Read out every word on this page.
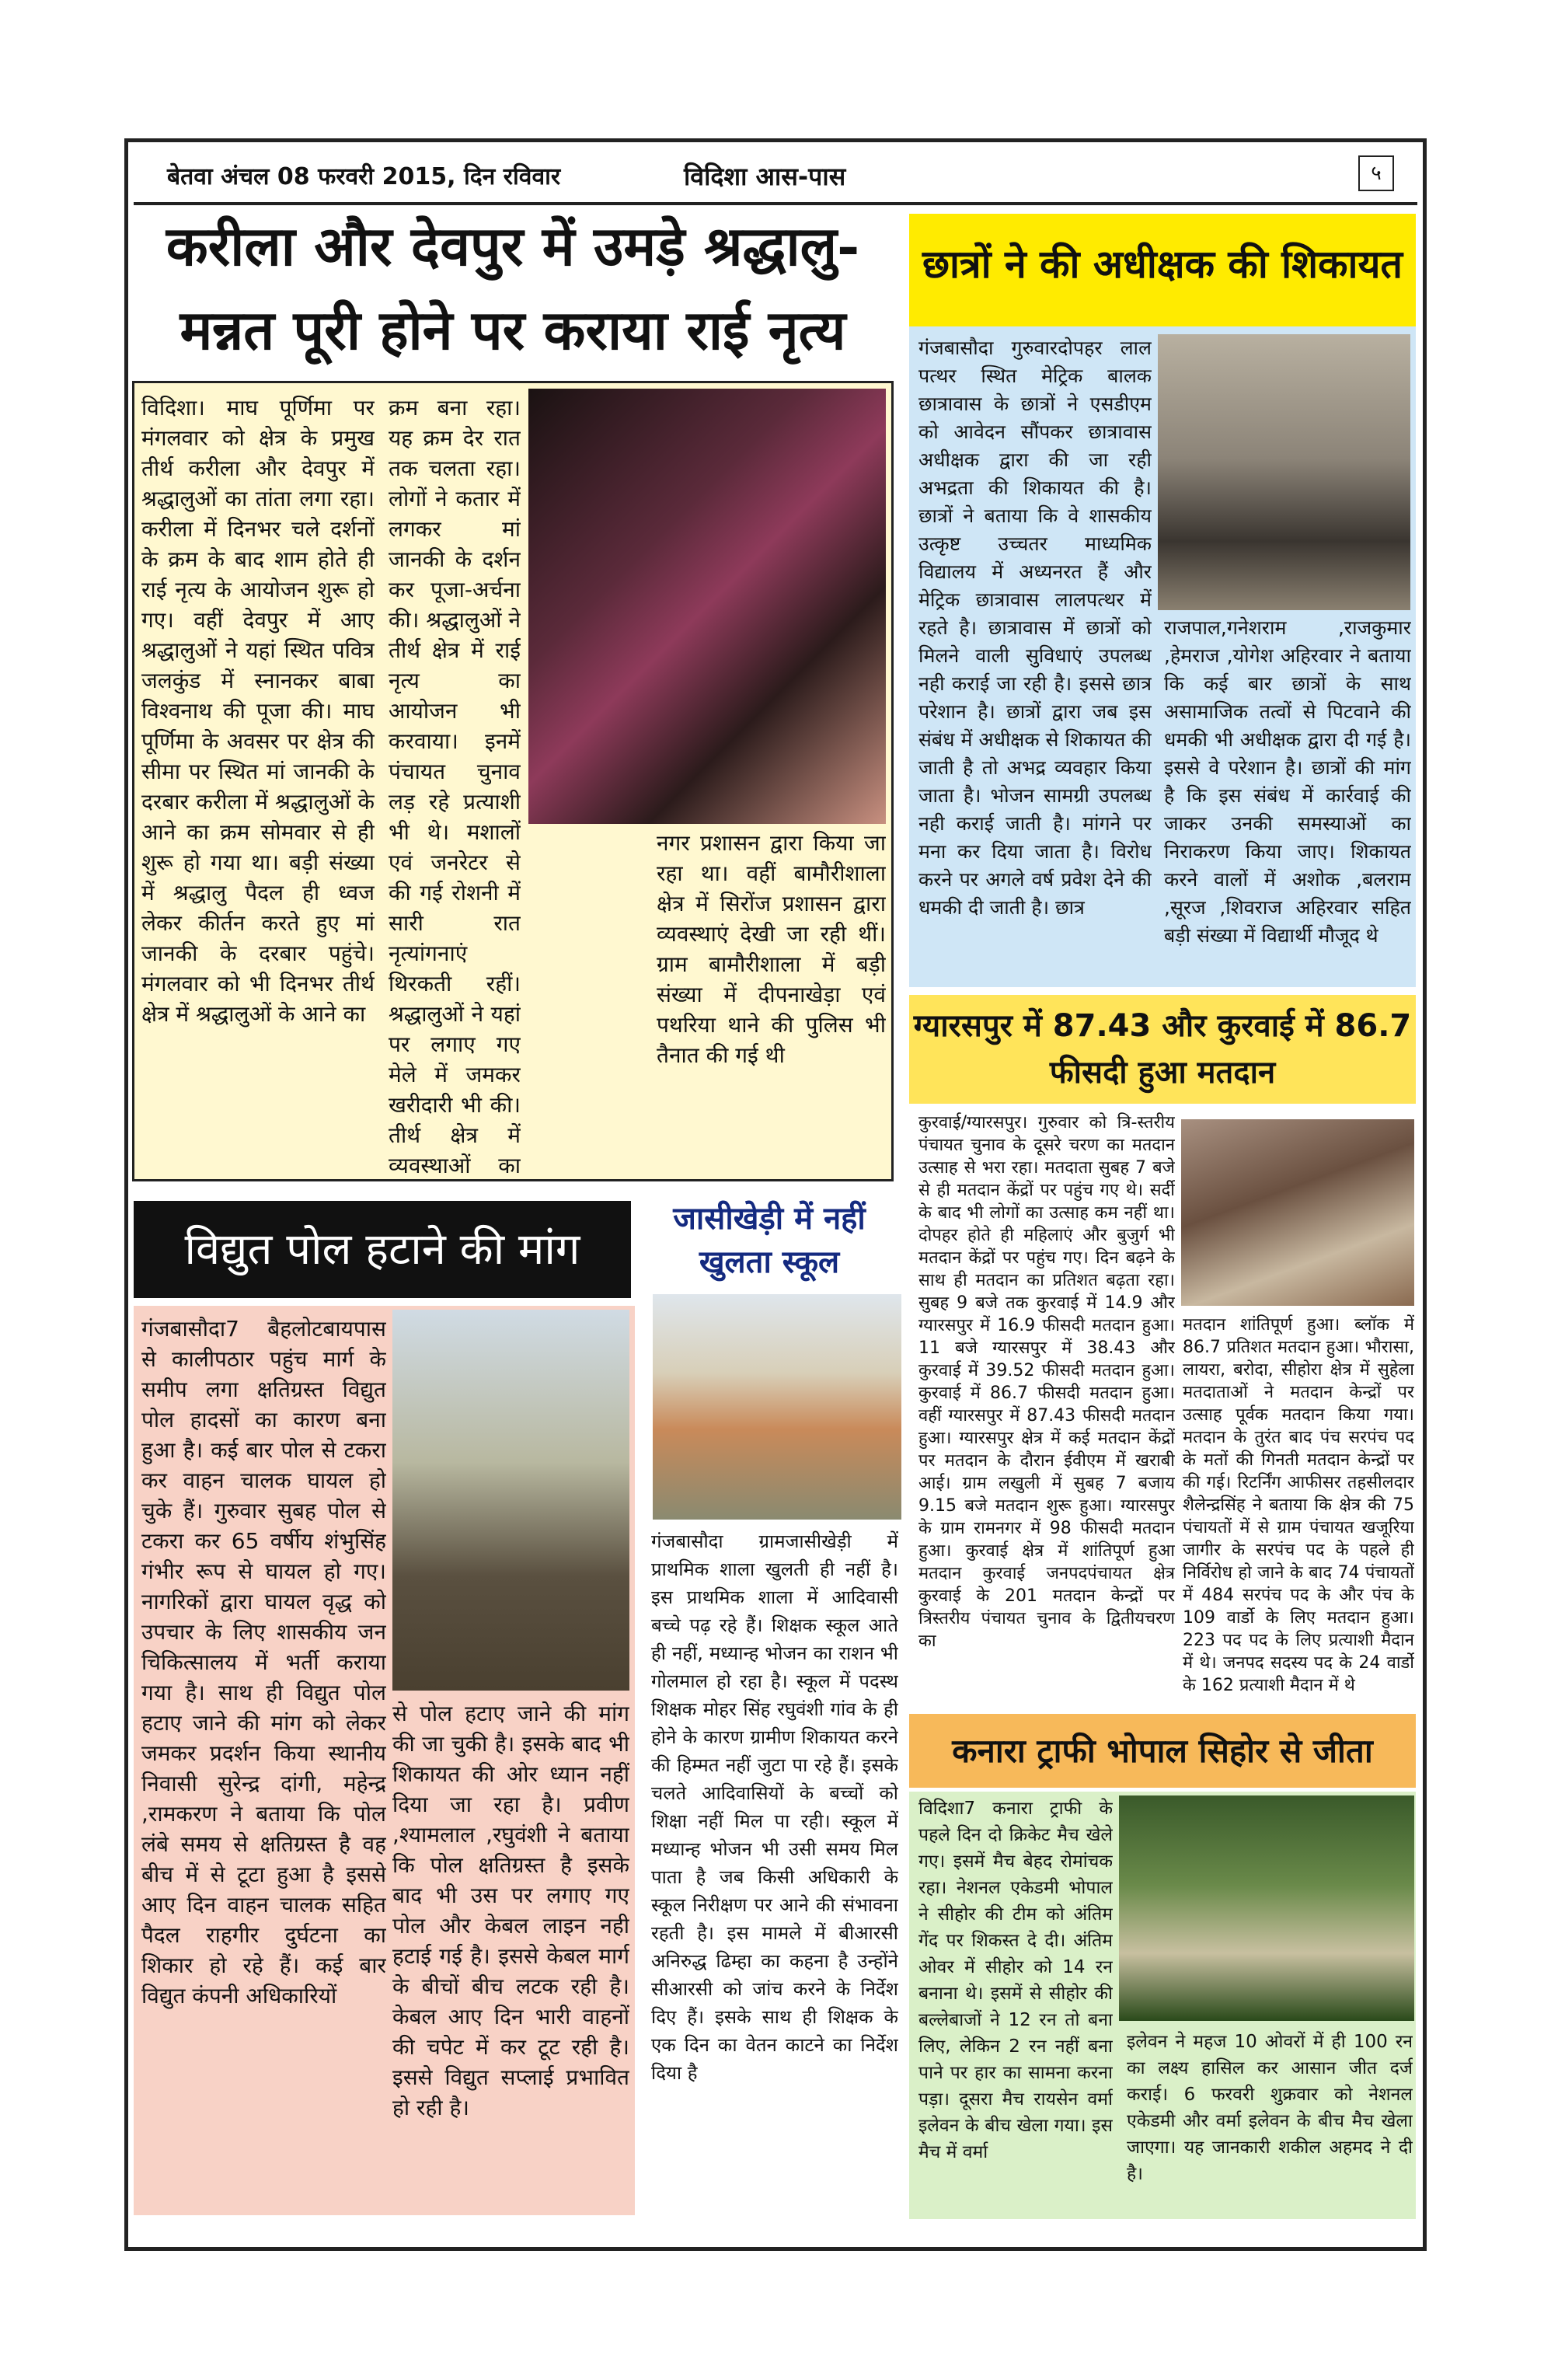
बेतवा अंचल 08 फरवरी 2015, दिन रविवार	विदिशा आस-पास	५
करीला और देवपुर में उमड़े श्रद्धालु-
मन्नत पूरी होने पर कराया राई नृत्य
विदिशा। माघ पूर्णिमा पर मंगलवार को क्षेत्र के प्रमुख तीर्थ करीला और देवपुर में श्रद्धालुओं का तांता लगा रहा। करीला में दिनभर चले दर्शनों के क्रम के बाद शाम होते ही राई नृत्य के आयोजन शुरू हो गए। वहीं देवपुर में आए श्रद्धालुओं ने यहां स्थित पवित्र जलकुंड में स्नानकर बाबा विश्वनाथ की पूजा की। माघ पूर्णिमा के अवसर पर क्षेत्र की सीमा पर स्थित मां जानकी के दरबार करीला में श्रद्धालुओं के आने का क्रम सोमवार से ही शुरू हो गया था। बड़ी संख्या में श्रद्धालु पैदल ही ध्वज लेकर कीर्तन करते हुए मां जानकी के दरबार पहुंचे। मंगलवार को भी दिनभर तीर्थ क्षेत्र में श्रद्धालुओं के आने का
क्रम बना रहा। यह क्रम देर रात तक चलता रहा। लोगों ने कतार में लगकर मां जानकी के दर्शन कर पूजा-अर्चना की। श्रद्धालुओं ने तीर्थ क्षेत्र में राई नृत्य का आयोजन भी करवाया। इनमें पंचायत चुनाव लड़ रहे प्रत्याशी भी थे। मशालों एवं जनरेटर से की गई रोशनी में सारी रात नृत्यांगनाएं थिरकती रहीं। श्रद्धालुओं ने यहां पर लगाए गए मेले में जमकर खरीदारी भी की। तीर्थ क्षेत्र में व्यवस्थाओं का
नगर प्रशासन द्वारा किया जा रहा था। वहीं बामौरीशाला क्षेत्र में सिरोंज प्रशासन द्वारा व्यवस्थाएं देखी जा रही थीं। ग्राम बामौरीशाला में बड़ी संख्या में दीपनाखेड़ा एवं पथरिया थाने की पुलिस भी तैनात की गई थी
छात्रों ने की अधीक्षक की शिकायत
गंजबासौदा गुरुवारदोपहर लाल पत्थर स्थित मेट्रिक बालक छात्रावास के छात्रों ने एसडीएम को आवेदन सौंपकर छात्रावास अधीक्षक द्वारा की जा रही अभद्रता की शिकायत की है। छात्रों ने बताया कि वे शासकीय उत्कृष्ट उच्चतर माध्यमिक विद्यालय में अध्यनरत हैं और मेट्रिक छात्रावास लालपत्थर में रहते है। छात्रावास में छात्रों को मिलने वाली सुविधाएं उपलब्ध नही कराई जा रही है। इससे छात्र परेशान है। छात्रों द्वारा जब इस संबंध में अधीक्षक से शिकायत की जाती है तो अभद्र व्यवहार किया जाता है। भोजन सामग्री उपलब्ध नही कराई जाती है। मांगने पर मना कर दिया जाता है। विरोध करने पर अगले वर्ष प्रवेश देने की धमकी दी जाती है। छात्र
राजपाल,गनेशराम ,राजकुमार ,हेमराज ,योगेश अहिरवार ने बताया कि कई बार छात्रों के साथ असामाजिक तत्वों से पिटवाने की धमकी भी अधीक्षक द्वारा दी गई है। इससे वे परेशान है। छात्रों की मांग है कि इस संबंध में कार्रवाई की जाकर उनकी समस्याओं का निराकरण किया जाए। शिकायत करने वालों में अशोक ,बलराम ,सूरज ,शिवराज अहिरवार सहित बड़ी संख्या में विद्यार्थी मौजूद थे
ग्यारसपुर में 87.43 और कुरवाई में 86.7 फीसदी हुआ मतदान
कुरवाई/ग्यारसपुर। गुरुवार को त्रि-स्तरीय पंचायत चुनाव के दूसरे चरण का मतदान उत्साह से भरा रहा। मतदाता सुबह 7 बजे से ही मतदान केंद्रों पर पहुंच गए थे। सर्दी के बाद भी लोगों का उत्साह कम नहीं था। दोपहर होते ही महिलाएं और बुजुर्ग भी मतदान केंद्रों पर पहुंच गए। दिन बढ़ने के साथ ही मतदान का प्रतिशत बढ़ता रहा। सुबह 9 बजे तक कुरवाई में 14.9 और ग्यारसपुर में 16.9 फीसदी मतदान हुआ। 11 बजे ग्यारसपुर में 38.43 और कुरवाई में 39.52 फीसदी मतदान हुआ। कुरवाई में 86.7 फीसदी मतदान हुआ। वहीं ग्यारसपुर में 87.43 फीसदी मतदान हुआ। ग्यारसपुर क्षेत्र में कई मतदान केंद्रों पर मतदान के दौरान ईवीएम में खराबी आई। ग्राम लखुली में सुबह 7 बजाय 9.15 बजे मतदान शुरू हुआ। ग्यारसपुर के ग्राम रामनगर में 98 फीसदी मतदान हुआ। कुरवाई क्षेत्र में शांतिपूर्ण हुआ मतदान कुरवाई जनपदपंचायत क्षेत्र कुरवाई के 201 मतदान केन्द्रों पर त्रिस्तरीय पंचायत चुनाव के द्वितीयचरण का
मतदान शांतिपूर्ण हुआ। ब्लॉक में 86.7 प्रतिशत मतदान हुआ। भौरासा, लायरा, बरोदा, सीहोरा क्षेत्र में सुहेला मतदाताओं ने मतदान केन्द्रों पर उत्साह पूर्वक मतदान किया गया। मतदान के तुरंत बाद पंच सरपंच पद के मतों की गिनती मतदान केन्द्रों पर की गई। रिटर्निंग आफीसर तहसीलदार शैलेन्द्रसिंह ने बताया कि क्षेत्र की 75 पंचायतों में से ग्राम पंचायत खजूरिया जागीर के सरपंच पद के पहले ही निर्विरोध हो जाने के बाद 74 पंचायतों में 484 सरपंच पद के और पंच के 109 वार्डो के लिए मतदान हुआ। 223 पद पद के लिए प्रत्याशी मैदान में थे। जनपद सदस्य पद के 24 वार्डो के 162 प्रत्याशी मैदान में थे
विद्युत पोल हटाने की मांग
गंजबासौदा7 बैहलोटबायपास से कालीपठार पहुंच मार्ग के समीप लगा क्षतिग्रस्त विद्युत पोल हादसों का कारण बना हुआ है। कई बार पोल से टकरा कर वाहन चालक घायल हो चुके हैं। गुरुवार सुबह पोल से टकरा कर 65 वर्षीय शंभुसिंह गंभीर रूप से घायल हो गए। नागरिकों द्वारा घायल वृद्ध को उपचार के लिए शासकीय जन चिकित्सालय में भर्ती कराया गया है। साथ ही विद्युत पोल हटाए जाने की मांग को लेकर जमकर प्रदर्शन किया स्थानीय निवासी सुरेन्द्र दांगी, महेन्द्र ,रामकरण ने बताया कि पोल लंबे समय से क्षतिग्रस्त है वह बीच में से टूटा हुआ है इससे आए दिन वाहन चालक सहित पैदल राहगीर दुर्घटना का शिकार हो रहे हैं। कई बार विद्युत कंपनी अधिकारियों
से पोल हटाए जाने की मांग की जा चुकी है। इसके बाद भी शिकायत की ओर ध्यान नहीं दिया जा रहा है। प्रवीण ,श्यामलाल ,रघुवंशी ने बताया कि पोल क्षतिग्रस्त है इसके बाद भी उस पर लगाए गए पोल और केबल लाइन नही हटाई गई है। इससे केबल मार्ग के बीचों बीच लटक रही है। केबल आए दिन भारी वाहनों की चपेट में कर टूट रही है। इससे विद्युत सप्लाई प्रभावित हो रही है।
जासीखेड़ी में नहीं
खुलता स्कूल
गंजबासौदा ग्रामजासीखेड़ी में प्राथमिक शाला खुलती ही नहीं है। इस प्राथमिक शाला में आदिवासी बच्चे पढ़ रहे हैं। शिक्षक स्कूल आते ही नहीं, मध्यान्ह भोजन का राशन भी गोलमाल हो रहा है। स्कूल में पदस्थ शिक्षक मोहर सिंह रघुवंशी गांव के ही होने के कारण ग्रामीण शिकायत करने की हिम्मत नहीं जुटा पा रहे हैं। इसके चलते आदिवासियों के बच्चों को शिक्षा नहीं मिल पा रही। स्कूल में मध्यान्ह भोजन भी उसी समय मिल पाता है जब किसी अधिकारी के स्कूल निरीक्षण पर आने की संभावना रहती है। इस मामले में बीआरसी अनिरुद्ध ढिम्हा का कहना है उन्होंने सीआरसी को जांच करने के निर्देश दिए हैं। इसके साथ ही शिक्षक के एक दिन का वेतन काटने का निर्देश दिया है
कनारा ट्राफी भोपाल सिहोर से जीता
विदिशा7 कनारा ट्राफी के पहले दिन दो क्रिकेट मैच खेले गए। इसमें मैच बेहद रोमांचक रहा। नेशनल एकेडमी भोपाल ने सीहोर की टीम को अंतिम गेंद पर शिकस्त दे दी। अंतिम ओवर में सीहोर को 14 रन बनाना थे। इसमें से सीहोर की बल्लेबाजों ने 12 रन तो बना लिए, लेकिन 2 रन नहीं बना पाने पर हार का सामना करना पड़ा। दूसरा मैच रायसेन वर्मा इलेवन के बीच खेला गया। इस मैच में वर्मा
इलेवन ने महज 10 ओवरों में ही 100 रन का लक्ष्य हासिल कर आसान जीत दर्ज कराई। 6 फरवरी शुक्रवार को नेशनल एकेडमी और वर्मा इलेवन के बीच मैच खेला जाएगा। यह जानकारी शकील अहमद ने दी है।
